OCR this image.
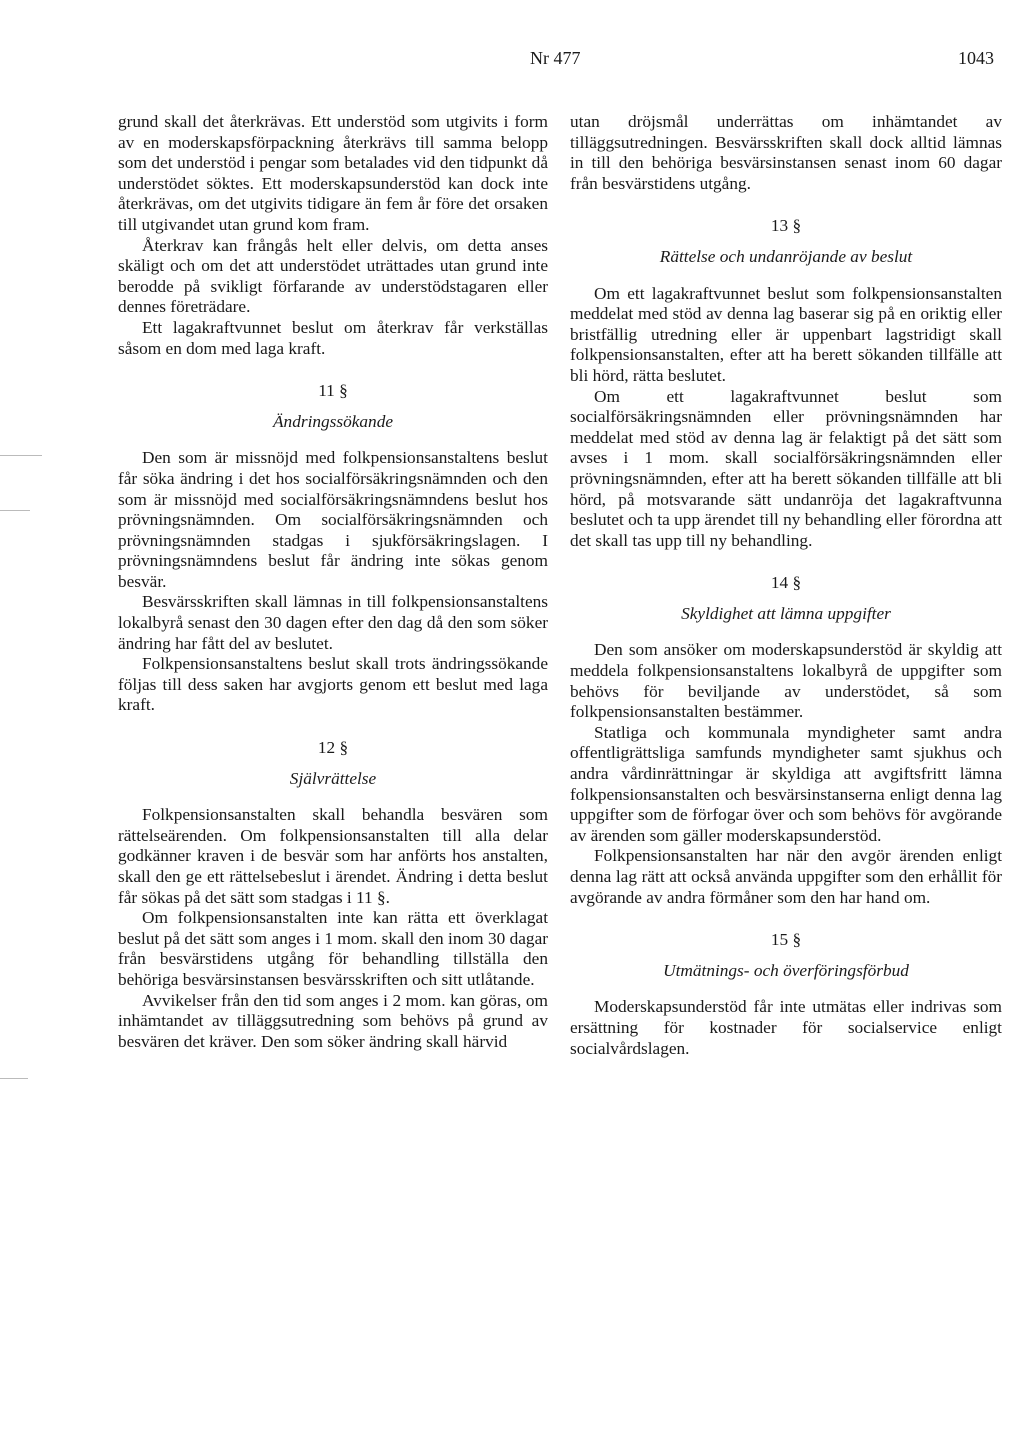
Nr 477	1043

grund skall det återkrävas. Ett understöd som utgivits i form av en moderskapsförpackning återkrävs till samma belopp som det understöd i pengar som betalades vid den tidpunkt då understödet söktes. Ett moderskapsunderstöd kan dock inte återkrävas, om det utgivits tidigare än fem år före det orsaken till utgivandet utan grund kom fram.

Återkrav kan frångås helt eller delvis, om detta anses skäligt och om det att understödet uträttades utan grund inte berodde på svikligt förfarande av understödstagaren eller dennes företrädare.

Ett lagakraftvunnet beslut om återkrav får verkställas såsom en dom med laga kraft.

11 §
Ändringssökande

Den som är missnöjd med folkpensionsanstaltens beslut får söka ändring i det hos socialförsäkringsnämnden och den som är missnöjd med socialförsäkringsnämndens beslut hos prövningsnämnden. Om socialförsäkringsnämnden och prövningsnämnden stadgas i sjukförsäkringslagen. I prövningsnämndens beslut får ändring inte sökas genom besvär.

Besvärsskriften skall lämnas in till folkpensionsanstaltens lokalbyrå senast den 30 dagen efter den dag då den som söker ändring har fått del av beslutet.

Folkpensionsanstaltens beslut skall trots ändringssökande följas till dess saken har avgjorts genom ett beslut med laga kraft.

12 §
Självrättelse

Folkpensionsanstalten skall behandla besvären som rättelseärenden. Om folkpensionsanstalten till alla delar godkänner kraven i de besvär som har anförts hos anstalten, skall den ge ett rättelsebeslut i ärendet. Ändring i detta beslut får sökas på det sätt som stadgas i 11 §.

Om folkpensionsanstalten inte kan rätta ett överklagat beslut på det sätt som anges i 1 mom. skall den inom 30 dagar från besvärstidens utgång för behandling tillställa den behöriga besvärsinstansen besvärsskriften och sitt utlåtande.

Avvikelser från den tid som anges i 2 mom. kan göras, om inhämtandet av tilläggsutredning som behövs på grund av besvären det kräver. Den som söker ändring skall härvid

utan dröjsmål underrättas om inhämtandet av tilläggsutredningen. Besvärsskriften skall dock alltid lämnas in till den behöriga besvärsinstansen senast inom 60 dagar från besvärstidens utgång.

13 §
Rättelse och undanröjande av beslut

Om ett lagakraftvunnet beslut som folkpensionsanstalten meddelat med stöd av denna lag baserar sig på en oriktig eller bristfällig utredning eller är uppenbart lagstridigt skall folkpensionsanstalten, efter att ha berett sökanden tillfälle att bli hörd, rätta beslutet.

Om ett lagakraftvunnet beslut som socialförsäkringsnämnden eller prövningsnämnden har meddelat med stöd av denna lag är felaktigt på det sätt som avses i 1 mom. skall socialförsäkringsnämnden eller prövningsnämnden, efter att ha berett sökanden tillfälle att bli hörd, på motsvarande sätt undanröja det lagakraftvunna beslutet och ta upp ärendet till ny behandling eller förordna att det skall tas upp till ny behandling.

14 §
Skyldighet att lämna uppgifter

Den som ansöker om moderskapsunderstöd är skyldig att meddela folkpensionsanstaltens lokalbyrå de uppgifter som behövs för beviljande av understödet, så som folkpensionsanstalten bestämmer.

Statliga och kommunala myndigheter samt andra offentligrättsliga samfunds myndigheter samt sjukhus och andra vårdinrättningar är skyldiga att avgiftsfritt lämna folkpensionsanstalten och besvärsinstanserna enligt denna lag uppgifter som de förfogar över och som behövs för avgörande av ärenden som gäller moderskapsunderstöd.

Folkpensionsanstalten har när den avgör ärenden enligt denna lag rätt att också använda uppgifter som den erhållit för avgörande av andra förmåner som den har hand om.

15 §
Utmätnings- och överföringsförbud

Moderskapsunderstöd får inte utmätas eller indrivas som ersättning för kostnader för socialservice enligt socialvårdslagen.
